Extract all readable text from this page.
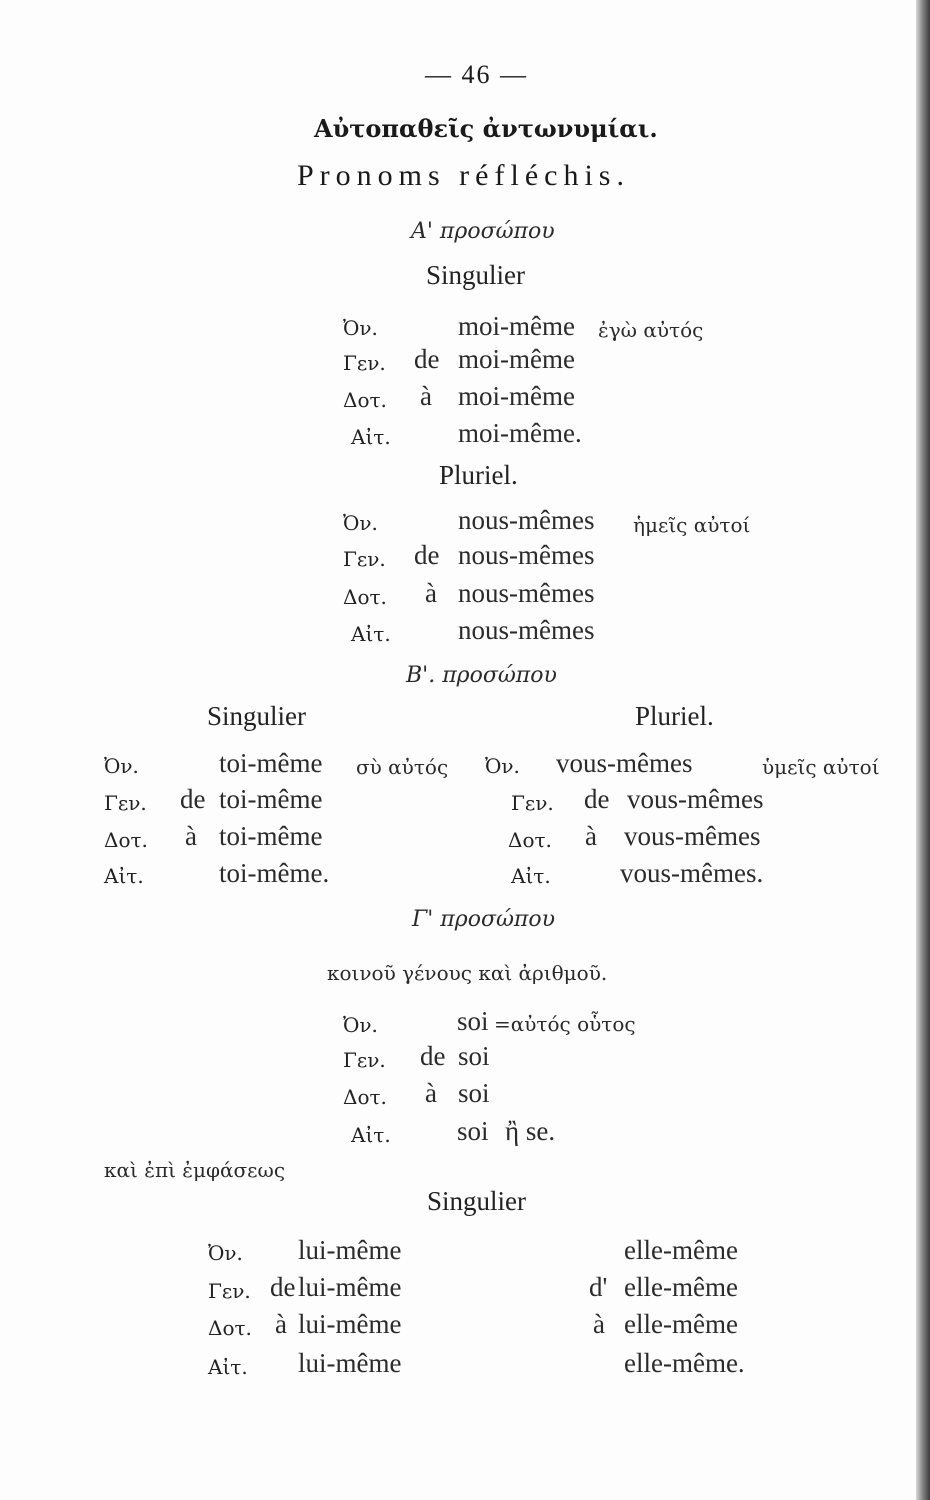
— 46 —
Αὐτοπαθεῖς ἀντωνυμίαι.
Pronoms réfléchis.
Α' προσώπου
Singulier
Ὀν.	moi-même ἐγὼ αὐτός
Γεν. de moi-même
Δοτ. à moi-même
Αἰτ. moi-même.
Pluriel.
Ὀν.	nous-mêmes ἡμεῖς αὐτοί
Γεν. de nous-mêmes
Δοτ. à nous-mêmes
Αἰτ. nous-mêmes
Β'. προσώπου
Singulier	Pluriel.
Ὀν.	toi-même σὺ αὐτός
Γεν. de toi-même
Δοτ. à toi-même
Αἰτ.	toi-même.
Ὀν. vous-mêmes	ὑμεῖς αὐτοί
Γεν. de vous-mêmes
Δοτ. à vous-mêmes
Αἰτ.	vous-mêmes.
Γ' προσώπου
κοινοῦ γένους καὶ ἀριθμοῦ.
Ὀν.	soi =αὐτός οὗτος
Γεν. de soi
Δοτ. à soi
Αἰτ. soi ἢ se.
καὶ ἐπὶ ἐμφάσεως
Singulier
Ὀν. lui-même	elle-même
Γεν. de lui-même	d' elle-même
Δοτ. à lui-même	à elle-même
Αἰτ. lui-même	elle-même.
